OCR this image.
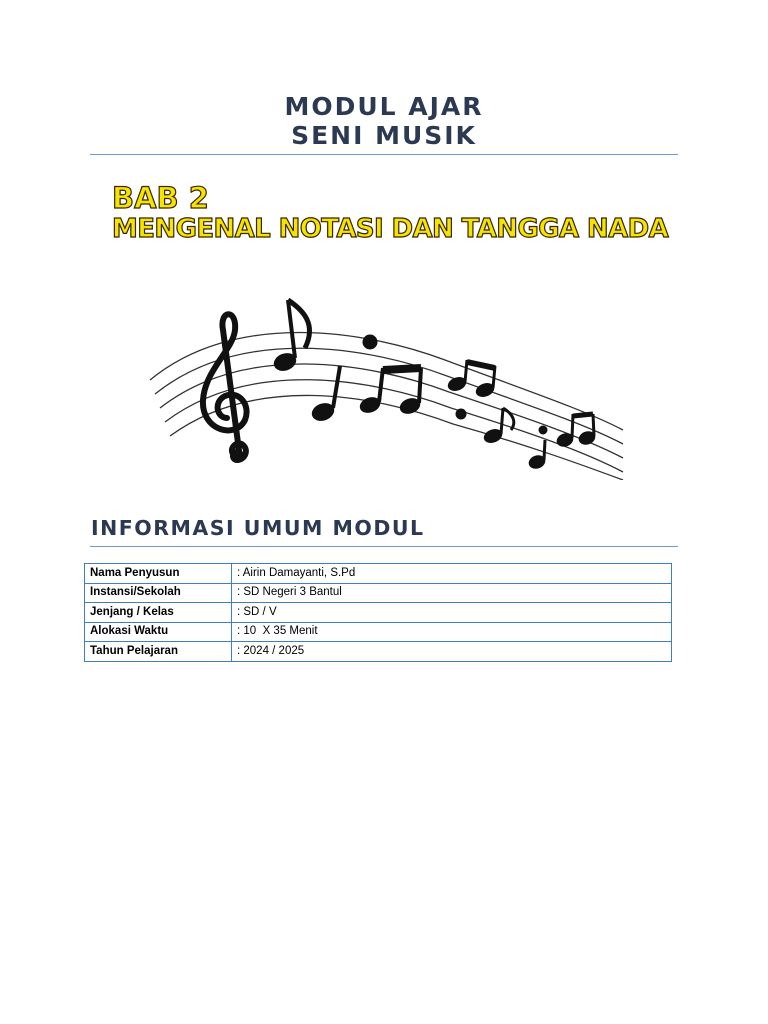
MODUL AJAR
SENI MUSIK
BAB 2
MENGENAL NOTASI DAN TANGGA NADA
INFORMASI UMUM MODUL
Nama Penyusun	: Airin Damayanti, S.Pd
Instansi/Sekolah	: SD Negeri 3 Bantul
Jenjang / Kelas	: SD / V
Alokasi Waktu	: 10  X 35 Menit
Tahun Pelajaran	: 2024 / 2025
